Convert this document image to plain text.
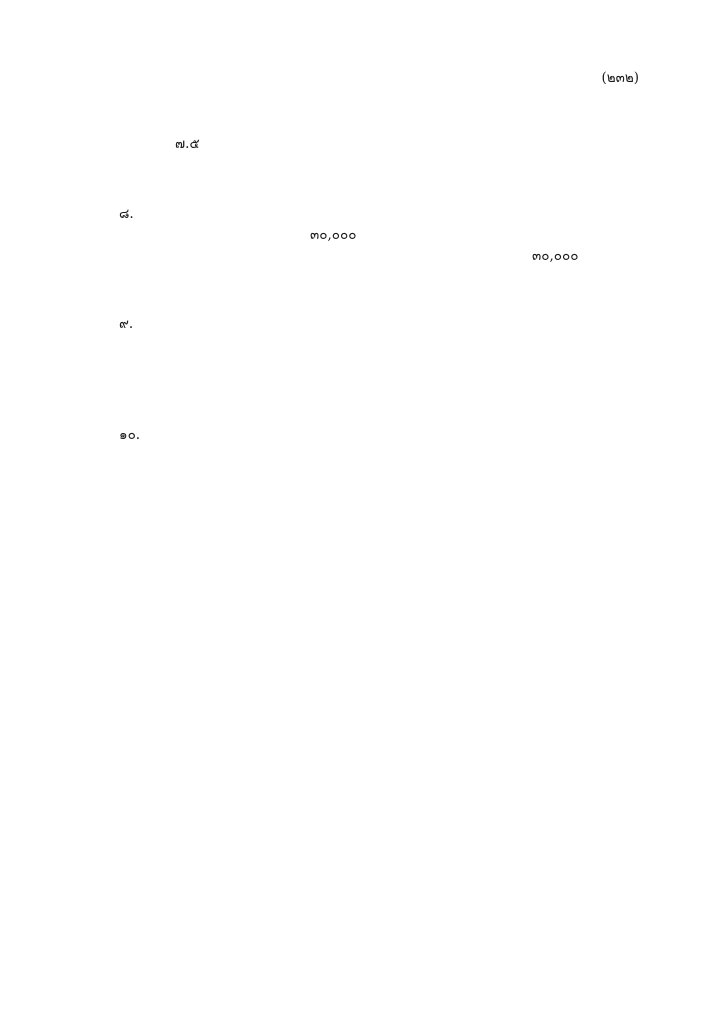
(๒๓๒)
๗.๕
๘.
๓๐,๐๐๐
๓๐,๐๐๐
๙.
๑๐.
